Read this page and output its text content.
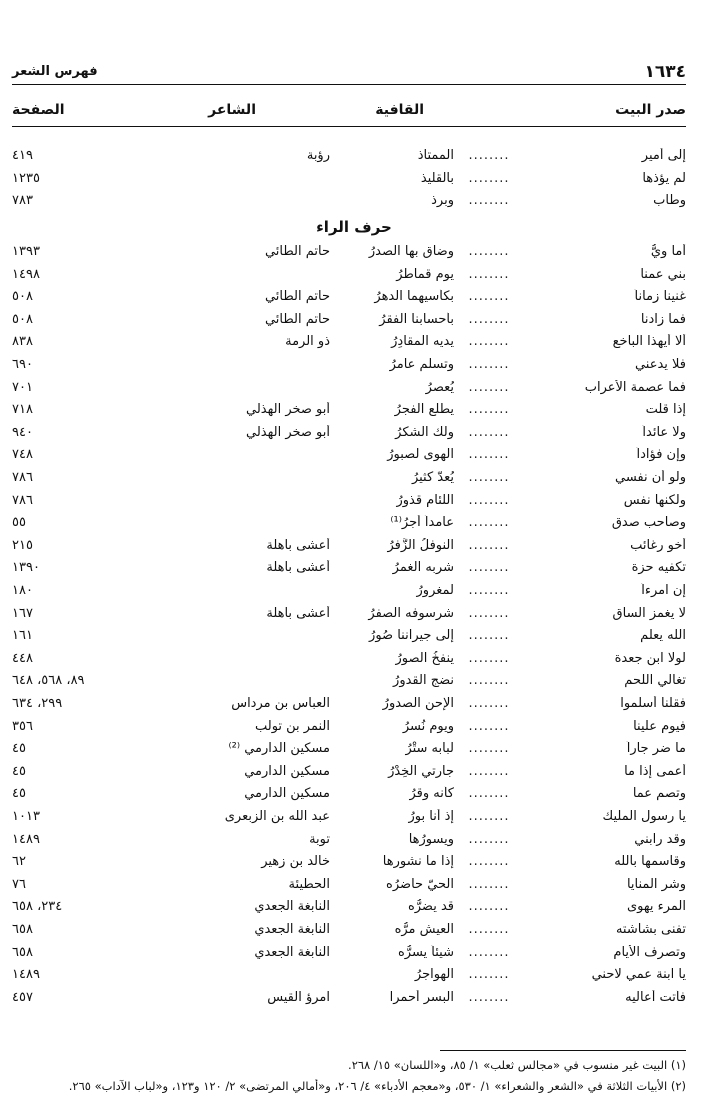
١٦٣٤
فهرس الشعر
صدر البيت
القافية
الشاعر
الصفحة
إلى أمير
........
الممتاذ
رؤبة
٤١٩
لم يؤذها
........
بالقليذ
١٢٣٥
وطاب
........
وبرذ
٧٨٣
حرف الراء
أما ويُّ
........
وضاق بها الصدرُ
حاتم الطائي
١٣٩٣
بني عمنا
........
يوم قماطرُ
١٤٩٨
غنينا زماناً
........
بكأسيهما الدهرُ
حاتم الطائي
٥٠٨
فما زادنا
........
بأحسابنا الفقرُ
حاتم الطائي
٥٠٨
ألا أيهذا الباخع
........
يديه المقادِرُ
ذو الرمة
٨٣٨
فلا يدعني
........
وتسلم عامرُ
٦٩٠
فما عصمة الأعراب
........
يُعصرُ
٧٠١
إذا قلت
........
يطلع الفجرُ
أبو صخر الهذلي
٧١٨
ولا عائداً
........
ولك الشكرُ
أبو صخر الهذلي
٩٤٠
وإن فؤاداً
........
الهوى لصبورُ
٧٤٨
ولو أن نفسي
........
يُعدّ كثيرُ
٧٨٦
ولكنها نفس
........
اللئام قذورُ
٧٨٦
وصاحب صدق
........
عامداً أجرُ⁽¹⁾
٥٥
أخو رغائب
........
النوفلُ الزُّفرُ
أعشى باهلة
٢١٥
تكفيه حزة
........
شربه الغمرُ
أعشى باهلة
١٣٩٠
إن امرءاً
........
لمغرورُ
١٨٠
لا يغمز الساق
........
شرسوفه الصفرُ
أعشى باهلة
١٦٧
الله يعلم
........
إلى جيراننا صُورُ
١٦١
لولا ابن جعدة
........
ينفخُ الصورُ
٤٤٨
تغالي اللحم
........
نضج القدورُ
٨٩، ٥٦٨، ٦٤٨
فقلنا أسلموا
........
الإحن الصدورُ
العباس بن مرداس
٢٩٩، ٦٣٤
فيوم علينا
........
ويوم نُسرُ
النمر بن تولب
٣٥٦
ما ضر جاراً
........
لبابه ستْرُ
مسكين الدارمي ⁽²⁾
٤٥
أعمى إذا ما
........
جارتي الخِدْرُ
مسكين الدارمي
٤٥
وتصم عما
........
كأنه وقرُ
مسكين الدارمي
٤٥
يا رسول المليك
........
إذ أنا بورُ
عبد الله بن الزبعرى
١٠١٣
وقد رابني
........
ويسورُها
توبة
١٤٨٩
وقاسمها بالله
........
إذا ما نشورها
خالد بن زهير
٦٢
وشر المنايا
........
الحيّ حاضرُه
الحطيئة
٧٦
المرء يهوى
........
قد يضرُّه
النابغة الجعدي
٢٣٤، ٦٥٨
تفنى بشاشته
........
العيش مرُّه
النابغة الجعدي
٦٥٨
وتصرف الأيام
........
شيئاً يسرُّه
النابغة الجعدي
٦٥٨
يا ابنة عمي لاحني
........
الهواجرُ
١٤٨٩
فأتت أعاليه
........
البسر أحمرا
امرؤ القيس
٤٥٧
(١) البيت غير منسوب في «مجالس ثعلب» ١/ ٨٥، و«اللسان» ١٥/ ٢٦٨.
(٢) الأبيات الثلاثة في «الشعر والشعراء» ١/ ٥٣٠، و«معجم الأدباء» ٤/ ٢٠٦، و«أمالي المرتضى» ٢/ ١٢٠ و١٢٣، و«لباب الآداب» ٢٦٥.
